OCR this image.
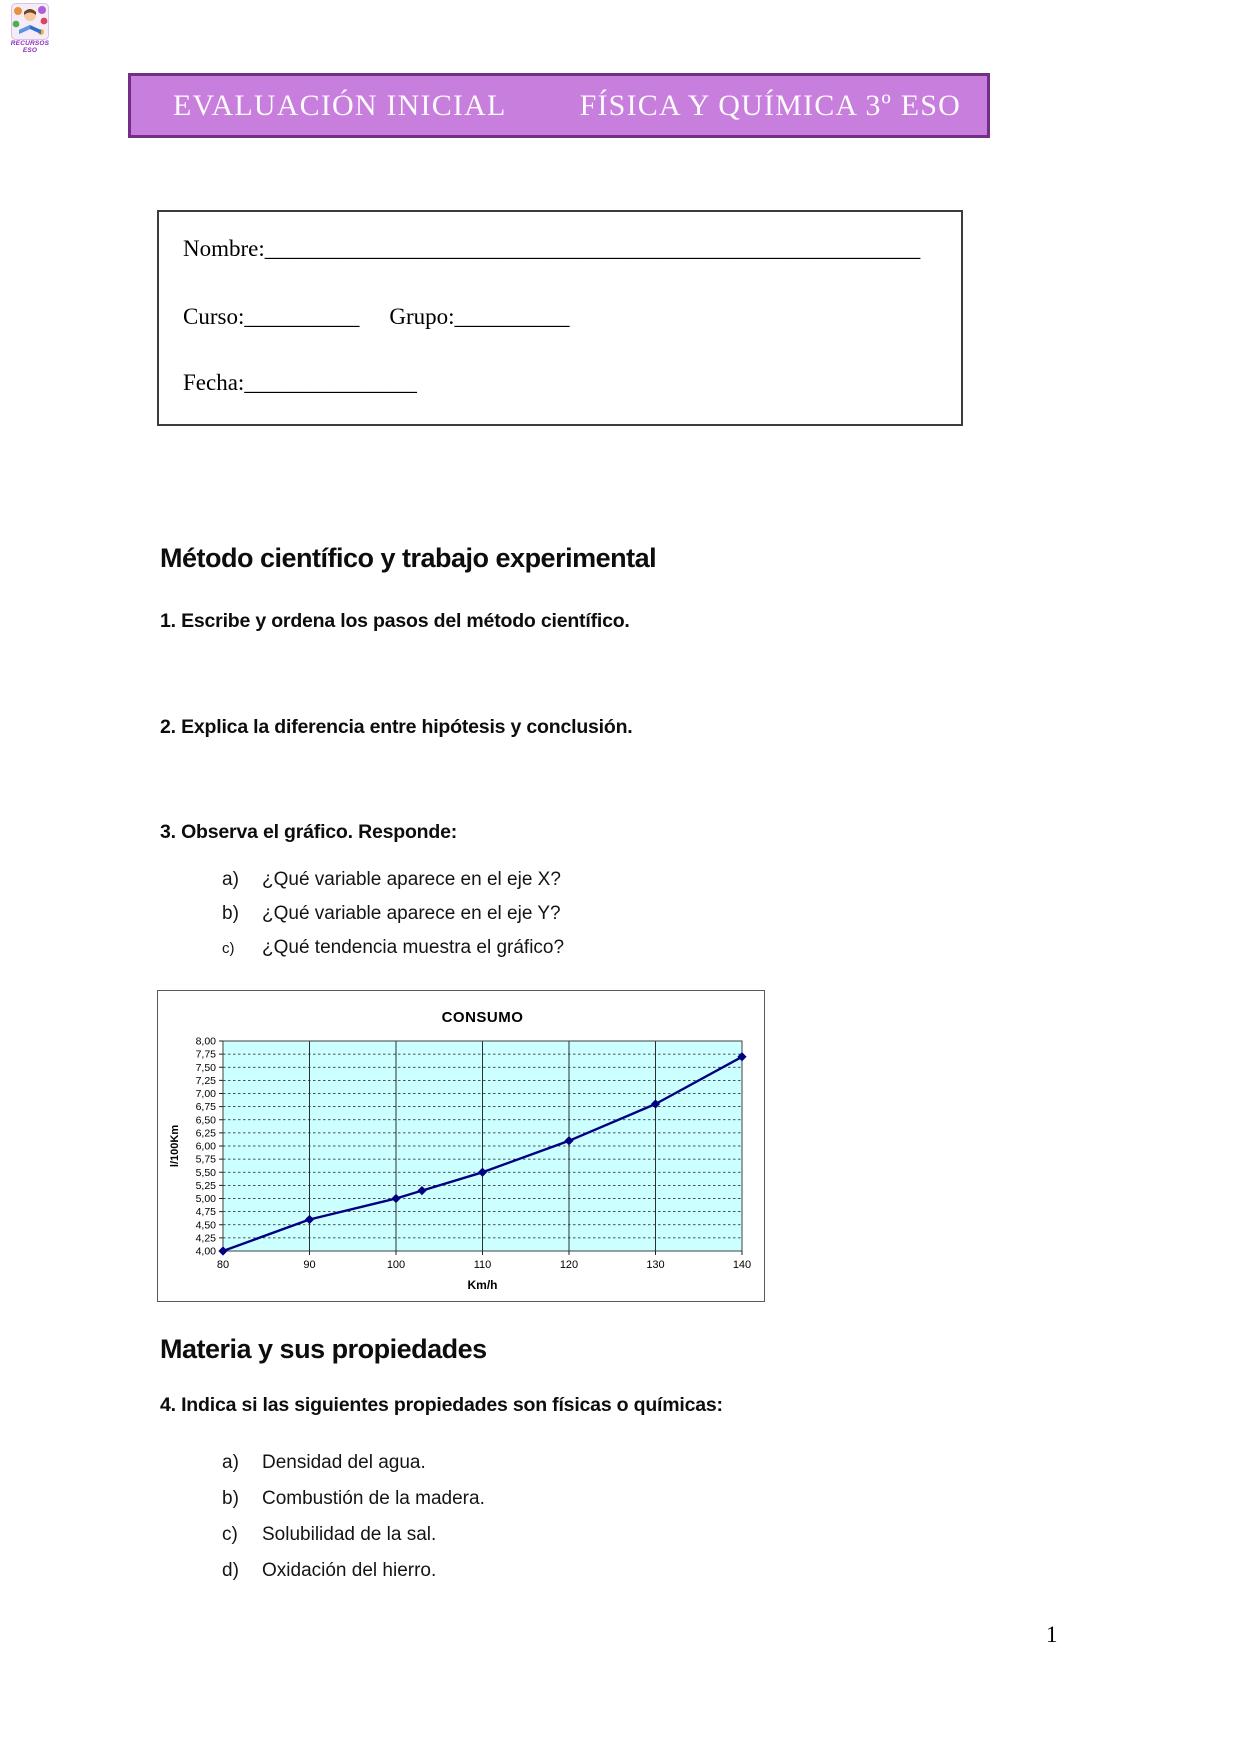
RECURSOS
ESO
EVALUACIÓN INICIAL FÍSICA Y QUÍMICA 3º ESO
Nombre:_________________________________________________________
Curso:__________ Grupo:__________
Fecha:_______________
Método científico y trabajo experimental
1. Escribe y ordena los pasos del método científico.
2. Explica la diferencia entre hipótesis y conclusión.
3. Observa el gráfico. Responde:
a)	¿Qué variable aparece en el eje X?
b)	¿Qué variable aparece en el eje Y?
c)	¿Qué tendencia muestra el gráfico?
8,00
7,75
7,50
7,25
7,00
6,75
6,50
6,25
6,00
5,75
5,50
5,25
5,00
4,75
4,50
4,25
4,00
80	90	100	110	120	130	140
CONSUMO
Km/h
l/100Km
Materia y sus propiedades
4. Indica si las siguientes propiedades son físicas o químicas:
a)	Densidad del agua.
b)	Combustión de la madera.
c)	Solubilidad de la sal.
d)	Oxidación del hierro.
1
